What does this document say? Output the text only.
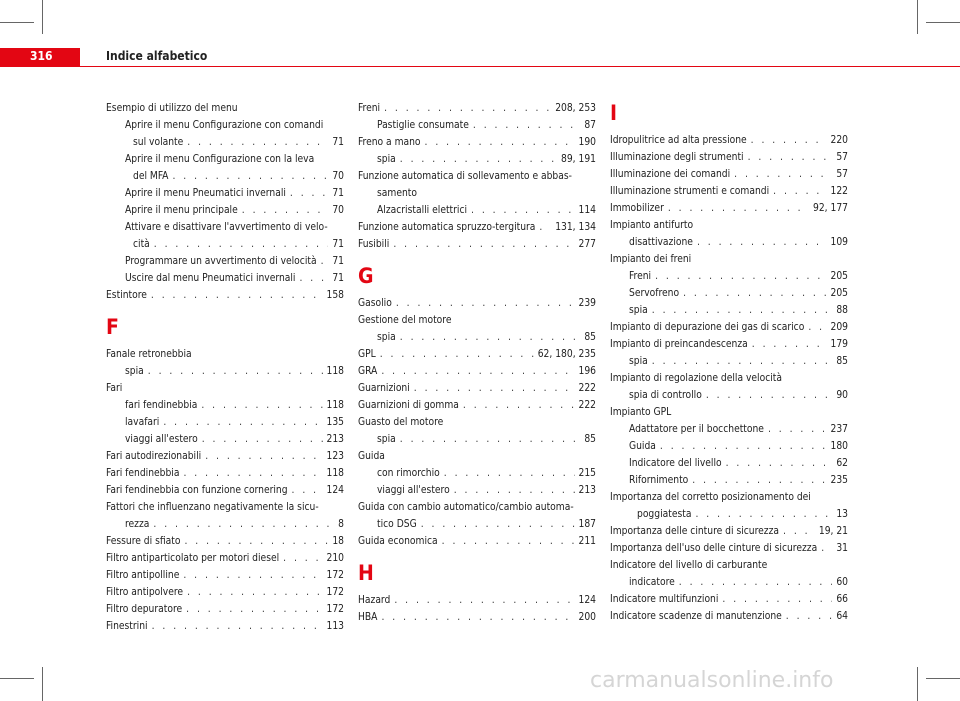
316	Indice alfabetico
Esempio di utilizzo del menu
Aprire il menu Configurazione con comandi
sul volante . . .	71
Aprire il menu Configurazione con la leva
del MFA . . .	70
Aprire il menu Pneumatici invernali . . .	71
Aprire il menu principale . . .	70
Attivare e disattivare l'avvertimento di velo-
cità . . .	71
Programmare un avvertimento di velocità . . . 71
Uscire dal menu Pneumatici invernali . . .	71
Estintore . . .	158
F
Fanale retronebbia
spia . . .	118
Fari
fari fendinebbia . . .	118
lavafari . . .	135
viaggi all'estero . . .	213
Fari autodirezionabili . . .	123
Fari fendinebbia . . .	118
Fari fendinebbia con funzione cornering . . .	124
Fattori che influenzano negativamente la sicu-
rezza . . .	8
Fessure di sfiato . . .	18
Filtro antiparticolato per motori diesel . . .	210
Filtro antipolline . . .	172
Filtro antipolvere . . .	172
Filtro depuratore . . .	172
Finestrini . . .	113
Freni . . .	208, 253
Pastiglie consumate . . .	87
Freno a mano . . .	190
spia . . .	89, 191
Funzione automatica di sollevamento e abbas-
samento
Alzacristalli elettrici . . .	114
Funzione automatica spruzzo-tergitura . . . 131, 134
Fusibili . . .	277
G
Gasolio . . .	239
Gestione del motore
spia . . .	85
GPL . . .	62, 180, 235
GRA . . .	196
Guarnizioni . . .	222
Guarnizioni di gomma . . .	222
Guasto del motore
spia . . .	85
Guida
con rimorchio . . .	215
viaggi all'estero . . .	213
Guida con cambio automatico/cambio automa-
tico DSG . . .	187
Guida economica . . .	211
H
Hazard . . .	124
HBA . . .	200
I
Idropulitrice ad alta pressione . . .	220
Illuminazione degli strumenti . . .	57
Illuminazione dei comandi . . .	57
Illuminazione strumenti e comandi . . .	122
Immobilizer . . .	92, 177
Impianto antifurto
disattivazione . . .	109
Impianto dei freni
Freni . . .	205
Servofreno . . .	205
spia . . .	88
Impianto di depurazione dei gas di scarico . . .	209
Impianto di preincandescenza . . .	179
spia . . .	85
Impianto di regolazione della velocità
spia di controllo . . .	90
Impianto GPL
Adattatore per il bocchettone . . .	237
Guida . . .	180
Indicatore del livello . . .	62
Rifornimento . . .	235
Importanza del corretto posizionamento dei
poggiatesta . . .	13
Importanza delle cinture di sicurezza . . .	19, 21
Importanza dell'uso delle cinture di sicurezza . . . 31
Indicatore del livello di carburante
indicatore . . .	60
Indicatore multifunzioni . . .	66
Indicatore scadenze di manutenzione . . .	64
carmanualsonline.info
